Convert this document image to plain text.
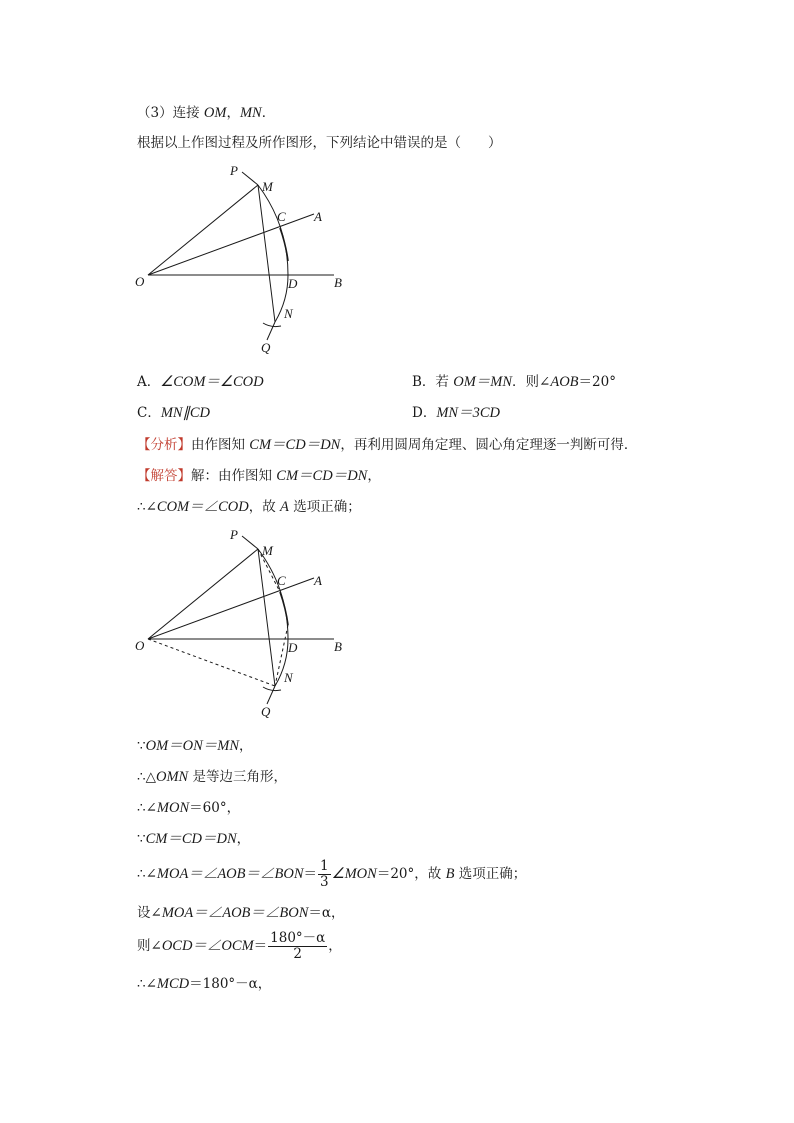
（3）连接 OM，MN．
根据以上作图过程及所作图形，下列结论中错误的是（　　）
P
M
C A
O	D	B
N
Q
A．∠COM＝∠COD	B．若 OM＝MN．则∠AOB＝20°
C．MN∥CD	D．MN＝3CD
【分析】由作图知 CM＝CD＝DN，再利用圆周角定理、圆心角定理逐一判断可得．
【解答】解：由作图知 CM＝CD＝DN，
∴∠COM＝∠COD，故 A 选项正确；
P
M
C A
O	D	B
N
Q
∵OM＝ON＝MN，
∴△OMN 是等边三角形，
∴∠MON＝60°，
∵CM＝CD＝DN，
∴∠MOA＝∠AOB＝∠BON＝ $\frac{1}{3}$ ∠MON＝20°，故 B 选项正确；
设∠MOA＝∠AOB＝∠BON＝α，
则∠OCD＝∠OCM＝ $\frac{180^\circ-\alpha}{2}$ ，
∴∠MCD＝180°－α，
